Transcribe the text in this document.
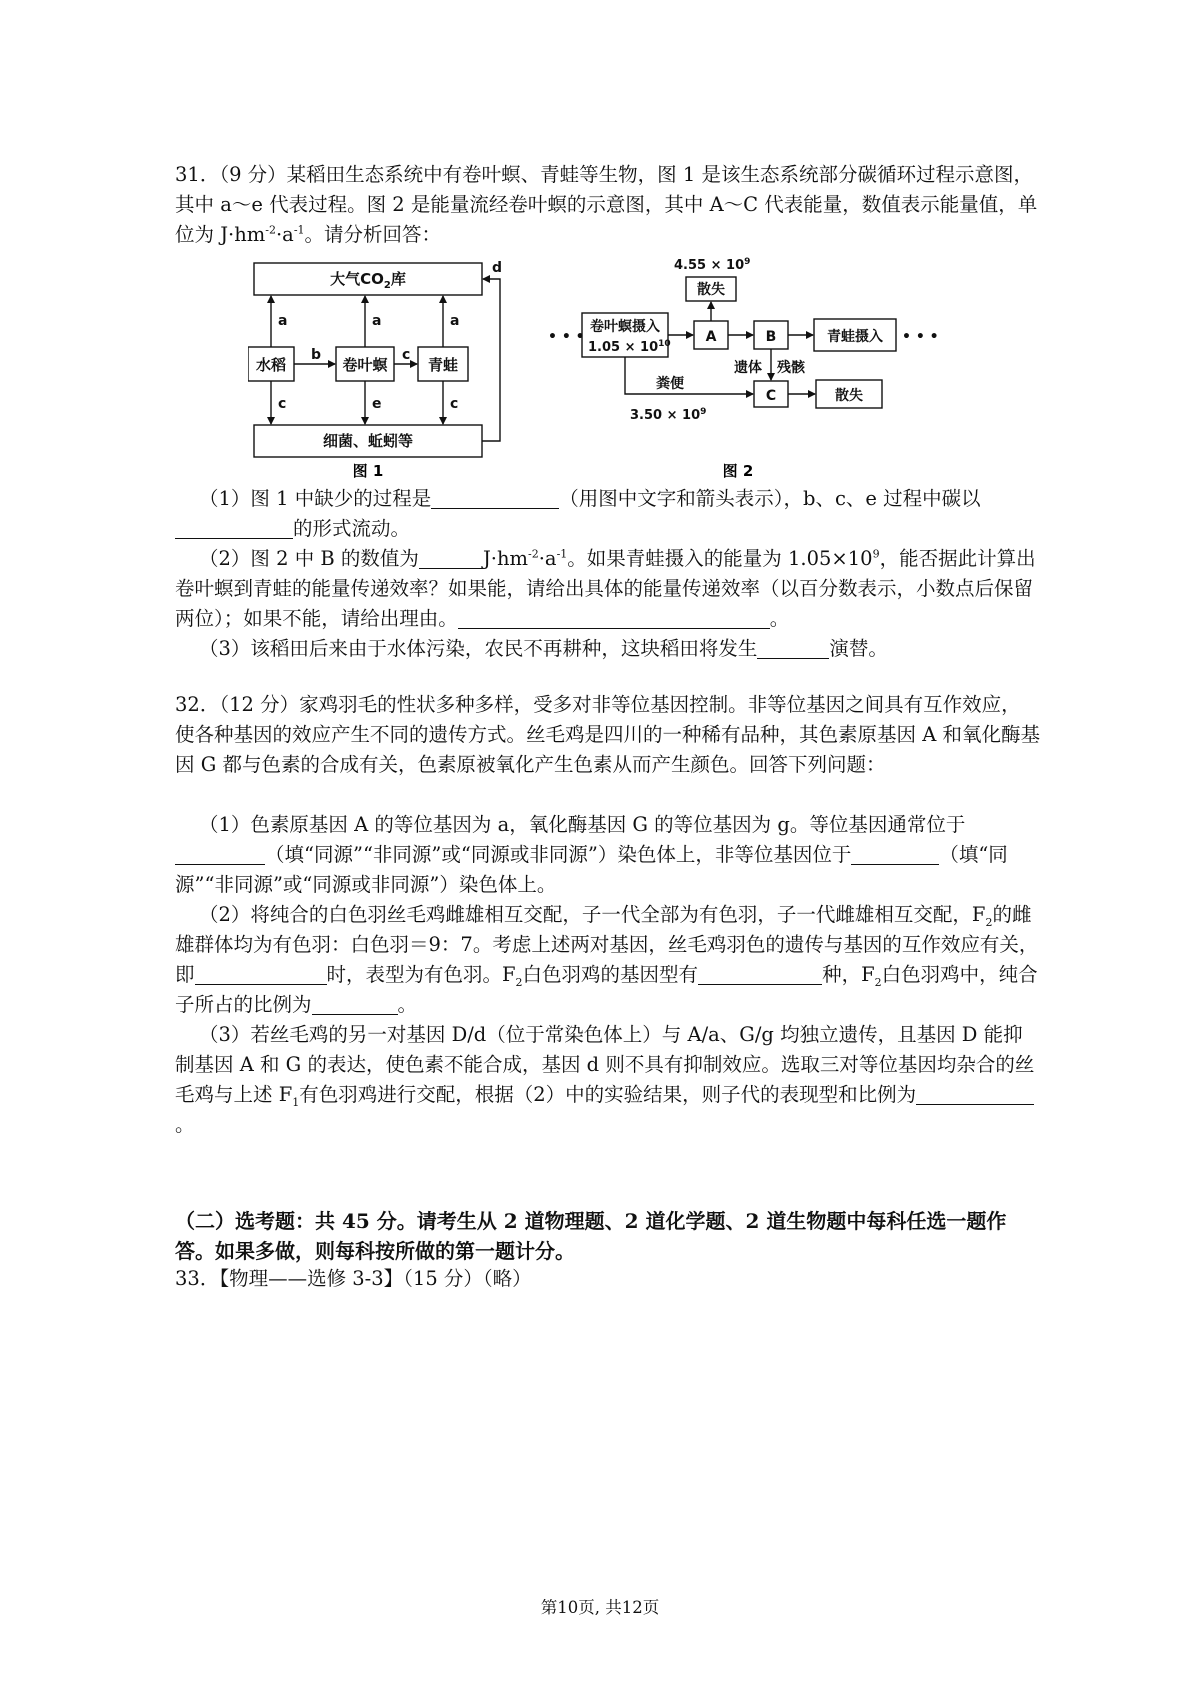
31．（9 分）某稻田生态系统中有卷叶螟、青蛙等生物，图 1 是该生态系统部分碳循环过程示意图，其中 a～e 代表过程。图 2 是能量流经卷叶螟的示意图，其中 A～C 代表能量，数值表示能量值，单位为 $J\cdot hm^{-2}\cdot a^{-1}$。请分析回答：
大气$CO_2$库
水稻	卷叶螟	青蛙
细菌、蚯蚓等
a	a	a
b	c
c	e	c
d
图 1
$4.55 \times 10^9$
$1.05 \times 10^{10}$
$3.50 \times 10^9$
卷叶螟摄入
A	B	青蛙摄入
散失
C	散失
遗体 残骸
粪便
• • •	• • •
图 2
（1）图 1 中缺少的过程是	（用图中文字和箭头表示），b、c、e 过程中碳以的形式流动。
（2）图 2 中 B 的数值为	$J\cdot hm^{-2}\cdot a^{-1}$。如果青蛙摄入的能量为 $1.05\times 10^9$，能否据此计算出卷叶螟到青蛙的能量传递效率？如果能，请给出具体的能量传递效率（以百分数表示，小数点后保留两位）；如果不能，请给出理由。	。
（3）该稻田后来由于水体污染，农民不再耕种，这块稻田将发生	演替。
32．（12 分）家鸡羽毛的性状多种多样，受多对非等位基因控制。非等位基因之间具有互作效应，使各种基因的效应产生不同的遗传方式。丝毛鸡是四川的一种稀有品种，其色素原基因 A 和氧化酶基因 G 都与色素的合成有关，色素原被氧化产生色素从而产生颜色。回答下列问题：
（1）色素原基因 A 的等位基因为 a，氧化酶基因 G 的等位基因为 g。等位基因通常位于（填“同源”“非同源”或“同源或非同源”）染色体上，非等位基因位于	（填“同源”“非同源”或“同源或非同源”）染色体上。
（2）将纯合的白色羽丝毛鸡雌雄相互交配，子一代全部为有色羽，子一代雌雄相互交配，$F_2$的雌雄群体均为有色羽：白色羽＝9：7。考虑上述两对基因，丝毛鸡羽色的遗传与基因的互作效应有关，即	时，表型为有色羽。$F_2$白色羽鸡的基因型有	种，$F_2$白色羽鸡中，纯合子所占的比例为	。
（3）若丝毛鸡的另一对基因 D/d（位于常染色体上）与 A/a、G/g 均独立遗传，且基因 D 能抑制基因 A 和 G 的表达，使色素不能合成，基因 d 则不具有抑制效应。选取三对等位基因均杂合的丝毛鸡与上述 $F_1$有色羽鸡进行交配，根据（2）中的实验结果，则子代的表现型和比例为。
（二）选考题：共 45 分。请考生从 2 道物理题、2 道化学题、2 道生物题中每科任选一题作答。如果多做，则每科按所做的第一题计分。
33．【物理——选修 3-3】（15 分）（略）
第10页, 共12页
